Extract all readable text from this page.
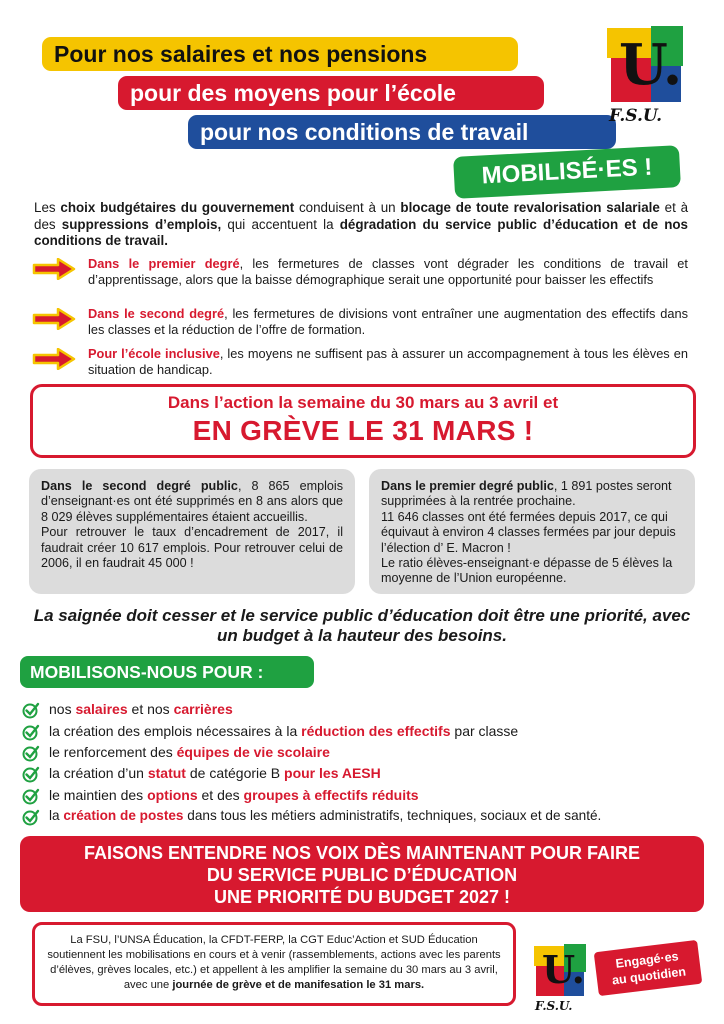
Pour nos salaires et nos pensions
pour des moyens pour l’école
pour nos conditions de travail
MOBILISÉ·ES !
U.
F.S.U.
Les choix budgétaires du gouvernement conduisent à un blocage de toute revalorisation salariale et à des suppressions d’emplois, qui accentuent la dégradation du service public d’éducation et de nos conditions de travail.
Dans le premier degré, les fermetures de classes vont dégrader les conditions de travail et d’apprentissage, alors que la baisse démographique serait une opportunité pour baisser les effectifs
Dans le second degré, les fermetures de divisions vont entraîner une augmentation des effectifs dans les classes et la réduction de l’offre de formation.
Pour l’école inclusive, les moyens ne suffisent pas à assurer un accompagnement à tous les élèves en situation de handicap.
Dans l’action la semaine du 30 mars au 3 avril et
EN GRÈVE LE 31 MARS !
Dans le second degré public, 8 865 emplois d’enseignant·es ont été supprimés en 8 ans alors que 8 029 élèves supplémentaires étaient accueillis.
Pour retrouver le taux d’encadrement de 2017, il faudrait créer 10 617 emplois. Pour retrouver celui de 2006, il en faudrait 45 000 !
Dans le premier degré public, 1 891 postes seront supprimées à la rentrée prochaine.
11 646 classes ont été fermées depuis 2017, ce qui équivaut à environ 4 classes fermées par jour depuis l’élection d’ E. Macron !
Le ratio élèves-enseignant·e dépasse de 5 élèves la moyenne de l’Union européenne.
La saignée doit cesser et le service public d’éducation doit être une priorité, avec un budget à la hauteur des besoins.
MOBILISONS-NOUS POUR :
nos salaires et nos carrières
la création des emplois nécessaires à la réduction des effectifs par classe
le renforcement des équipes de vie scolaire
la création d’un statut de catégorie B pour les AESH
le maintien des options et des groupes à effectifs réduits
la création de postes dans tous les métiers administratifs, techniques, sociaux et de santé.
FAISONS ENTENDRE NOS VOIX DÈS MAINTENANT POUR FAIRE
DU SERVICE PUBLIC D’ÉDUCATION
UNE PRIORITÉ DU BUDGET 2027 !
La FSU, l’UNSA Éducation, la CFDT-FERP, la CGT Educ’Action et SUD Éducation soutiennent les mobilisations en cours et à venir (rassemblements, actions avec les parents d’élèves, grèves locales, etc.) et appellent à les amplifier la semaine du 30 mars au 3 avril, avec une journée de grève et de manifesation le 31 mars.	U.
F.S.U.
Engagé·es
au quotidien
